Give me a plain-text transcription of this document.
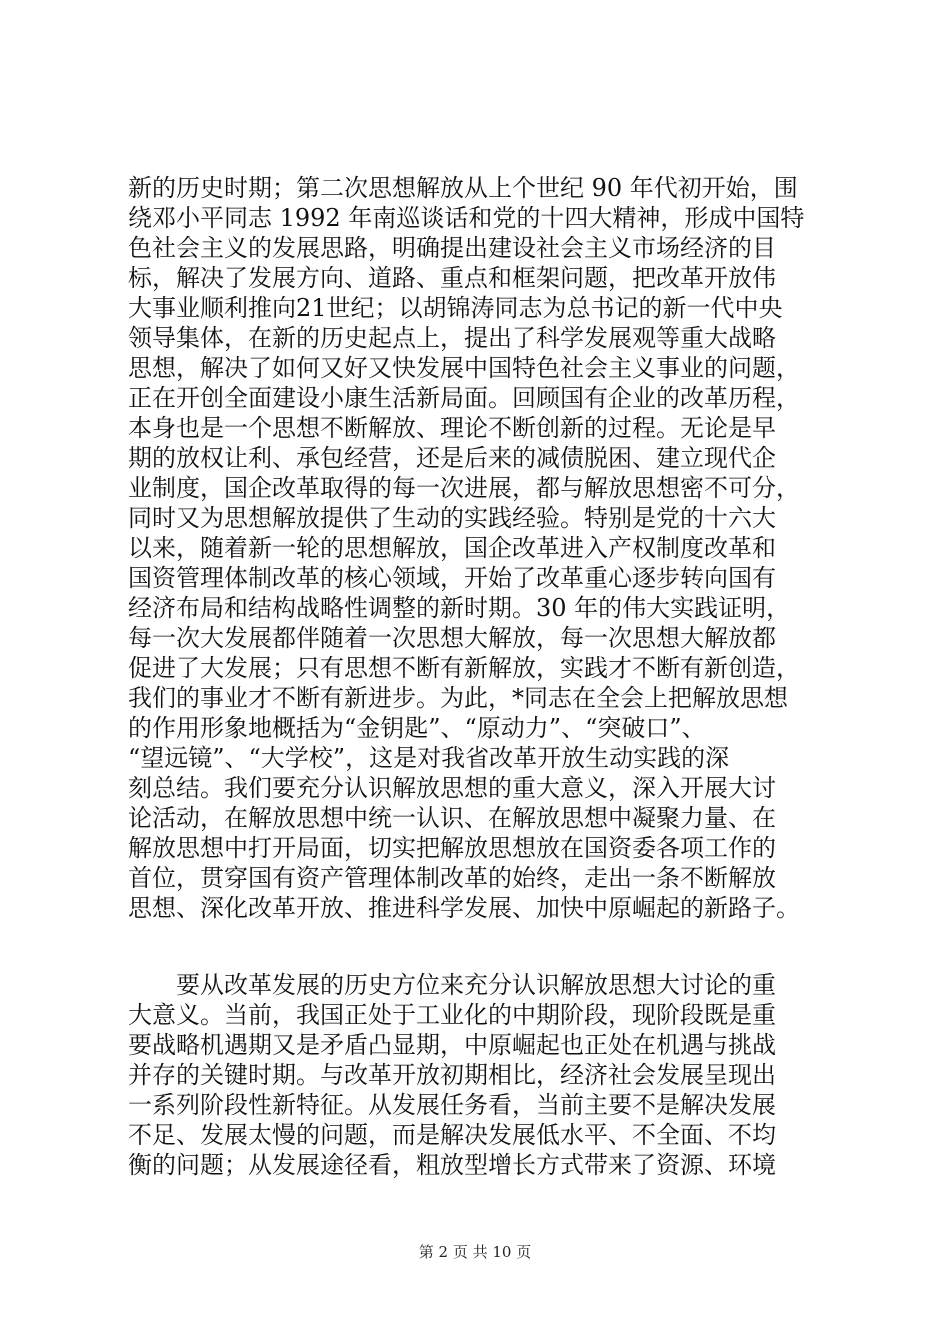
新的历史时期；第二次思想解放从上个世纪 90 年代初开始，围
绕邓小平同志 1992 年南巡谈话和党的十四大精神，形成中国特
色社会主义的发展思路，明确提出建设社会主义市场经济的目
标，解决了发展方向、道路、重点和框架问题，把改革开放伟
大事业顺利推向21世纪；以胡锦涛同志为总书记的新一代中央
领导集体，在新的历史起点上，提出了科学发展观等重大战略
思想，解决了如何又好又快发展中国特色社会主义事业的问题，
正在开创全面建设小康生活新局面。回顾国有企业的改革历程，
本身也是一个思想不断解放、理论不断创新的过程。无论是早
期的放权让利、承包经营，还是后来的减债脱困、建立现代企
业制度，国企改革取得的每一次进展，都与解放思想密不可分，
同时又为思想解放提供了生动的实践经验。特别是党的十六大
以来，随着新一轮的思想解放，国企改革进入产权制度改革和
国资管理体制改革的核心领域，开始了改革重心逐步转向国有
经济布局和结构战略性调整的新时期。30 年的伟大实践证明，
每一次大发展都伴随着一次思想大解放，每一次思想大解放都
促进了大发展；只有思想不断有新解放，实践才不断有新创造，
我们的事业才不断有新进步。为此，*同志在全会上把解放思想
的作用形象地概括为“金钥匙”、“原动力”、“突破口”、
“望远镜”、“大学校”，这是对我省改革开放生动实践的深
刻总结。我们要充分认识解放思想的重大意义，深入开展大讨
论活动，在解放思想中统一认识、在解放思想中凝聚力量、在
解放思想中打开局面，切实把解放思想放在国资委各项工作的
首位，贯穿国有资产管理体制改革的始终，走出一条不断解放
思想、深化改革开放、推进科学发展、加快中原崛起的新路子。
　　要从改革发展的历史方位来充分认识解放思想大讨论的重
大意义。当前，我国正处于工业化的中期阶段，现阶段既是重
要战略机遇期又是矛盾凸显期，中原崛起也正处在机遇与挑战
并存的关键时期。与改革开放初期相比，经济社会发展呈现出
一系列阶段性新特征。从发展任务看，当前主要不是解决发展
不足、发展太慢的问题，而是解决发展低水平、不全面、不均
衡的问题；从发展途径看，粗放型增长方式带来了资源、环境
第 2 页 共 10 页
